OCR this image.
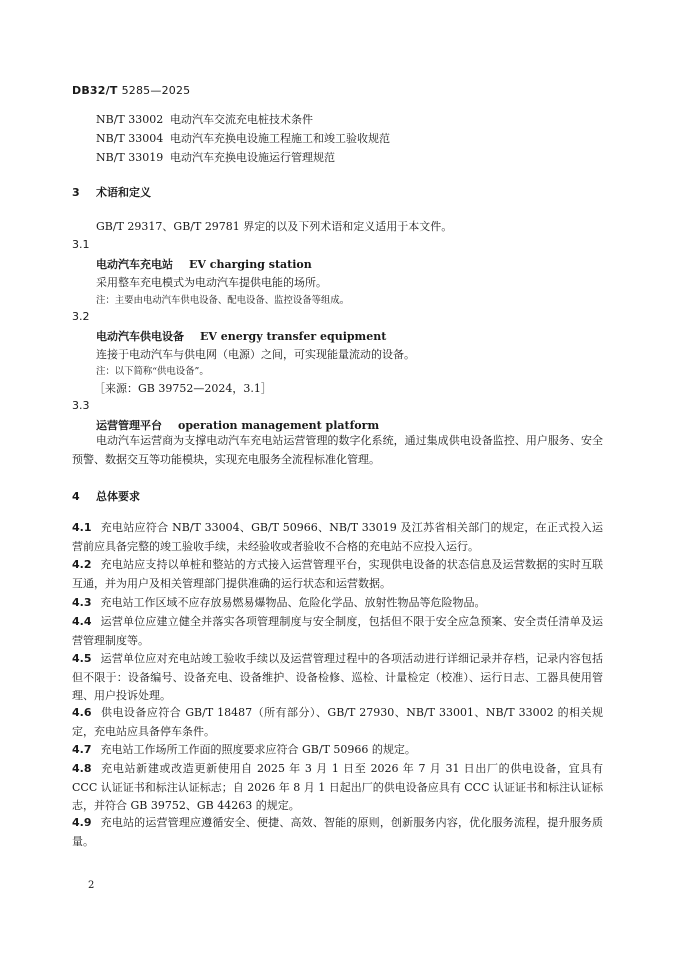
DB32/T 5285—2025
NB/T 33002 电动汽车交流充电桩技术条件
NB/T 33004 电动汽车充换电设施工程施工和竣工验收规范
NB/T 33019 电动汽车充换电设施运行管理规范
3 术语和定义
GB/T 29317、GB/T 29781 界定的以及下列术语和定义适用于本文件。
3.1
电动汽车充电站 EV charging station
采用整车充电模式为电动汽车提供电能的场所。
注：主要由电动汽车供电设备、配电设备、监控设备等组成。
3.2
电动汽车供电设备 EV energy transfer equipment
连接于电动汽车与供电网（电源）之间，可实现能量流动的设备。
注：以下简称“供电设备”。
［来源：GB 39752—2024，3.1］
3.3
运营管理平台 operation management platform
电动汽车运营商为支撑电动汽车充电站运营管理的数字化系统，通过集成供电设备监控、用户服务、安全预警、数据交互等功能模块，实现充电服务全流程标准化管理。
4 总体要求
4.1 充电站应符合 NB/T 33004、GB/T 50966、NB/T 33019 及江苏省相关部门的规定，在正式投入运营前应具备完整的竣工验收手续，未经验收或者验收不合格的充电站不应投入运行。
4.2 充电站应支持以单桩和整站的方式接入运营管理平台，实现供电设备的状态信息及运营数据的实时互联互通，并为用户及相关管理部门提供准确的运行状态和运营数据。
4.3 充电站工作区域不应存放易燃易爆物品、危险化学品、放射性物品等危险物品。
4.4 运营单位应建立健全并落实各项管理制度与安全制度，包括但不限于安全应急预案、安全责任清单及运营管理制度等。
4.5 运营单位应对充电站竣工验收手续以及运营管理过程中的各项活动进行详细记录并存档，记录内容包括但不限于：设备编号、设备充电、设备维护、设备检修、巡检、计量检定（校准）、运行日志、工器具使用管理、用户投诉处理。
4.6 供电设备应符合 GB/T 18487（所有部分）、GB/T 27930、NB/T 33001、NB/T 33002 的相关规定，充电站应具备停车条件。
4.7 充电站工作场所工作面的照度要求应符合 GB/T 50966 的规定。
4.8 充电站新建或改造更新使用自 2025 年 3 月 1 日至 2026 年 7 月 31 日出厂的供电设备，宜具有 CCC 认证证书和标注认证标志；自 2026 年 8 月 1 日起出厂的供电设备应具有 CCC 认证证书和标注认证标志，并符合 GB 39752、GB 44263 的规定。
4.9 充电站的运营管理应遵循安全、便捷、高效、智能的原则，创新服务内容，优化服务流程，提升服务质量。
2
